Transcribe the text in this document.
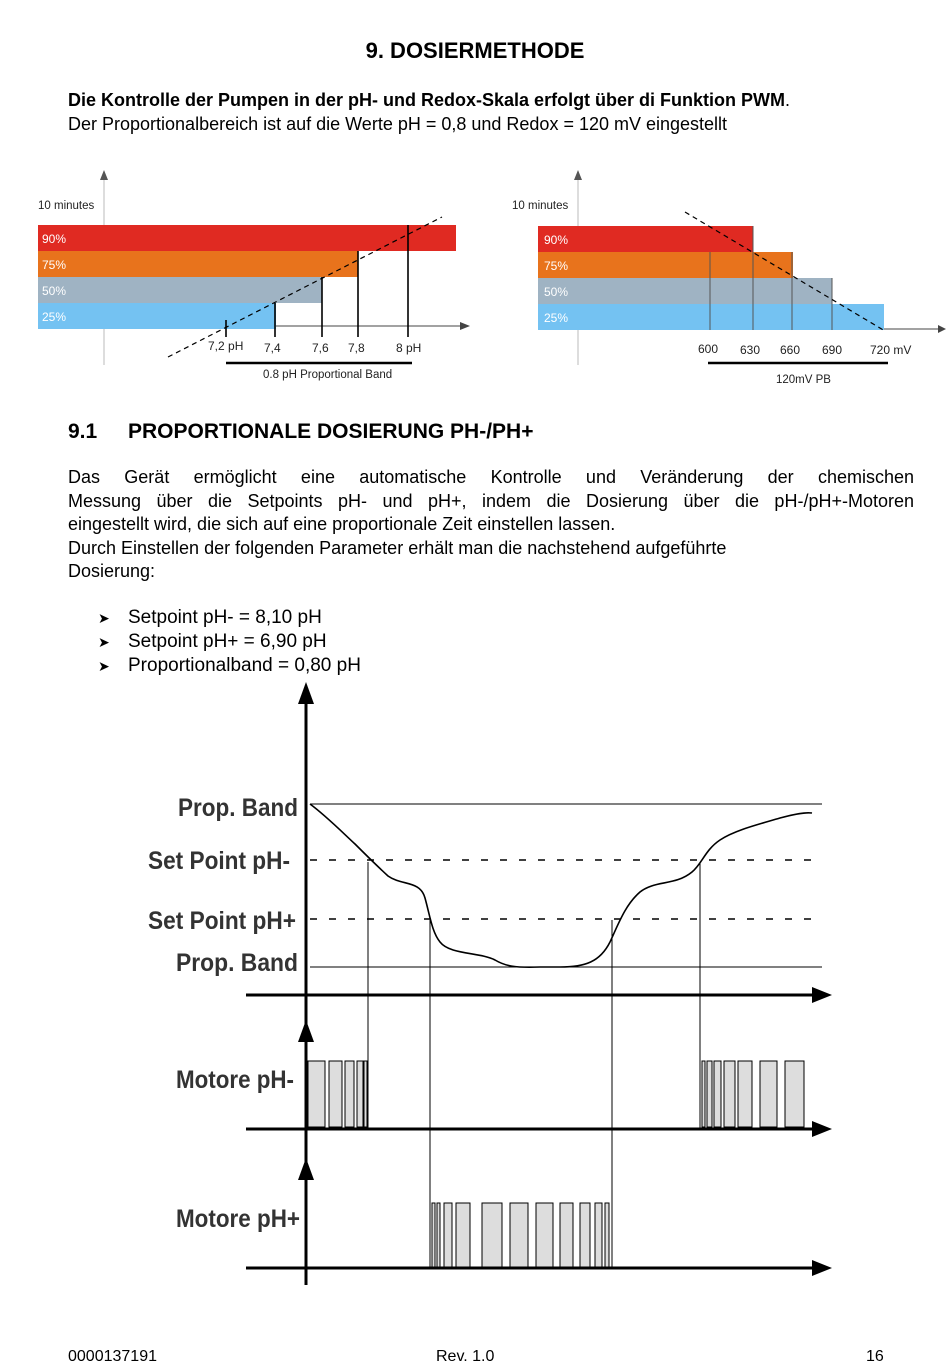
9. DOSIERMETHODE
Die Kontrolle der Pumpen in der pH- und Redox-Skala erfolgt über di Funktion PWM.
Der Proportionalbereich ist auf die Werte pH = 0,8 und Redox = 120 mV eingestellt
10 minutes
90%
75%
50%
25%
7,2 pH 7,4	7,6 7,8	8 pH
0.8 pH Proportional Band
10 minutes
90%
75%
50%
25%
600 630 660 690 720 mV
120mV PB
9.1 PROPORTIONALE DOSIERUNG PH-/PH+
Das Gerät ermöglicht eine automatische Kontrolle und Veränderung der chemischen
Messung über die Setpoints pH- und pH+, indem die Dosierung über die pH-/pH+-Motoren
eingestellt wird, die sich auf eine proportionale Zeit einstellen lassen.
Durch Einstellen der folgenden Parameter erhält man die nachstehend aufgeführte
Dosierung:
➤ Setpoint pH- = 8,10 pH
➤ Setpoint pH+ = 6,90 pH
➤ Proportionalband = 0,80 pH
Prop. Band
Set Point pH-
Set Point pH+
Prop. Band
Motore pH-
Motore pH+
0000137191	Rev. 1.0	16
